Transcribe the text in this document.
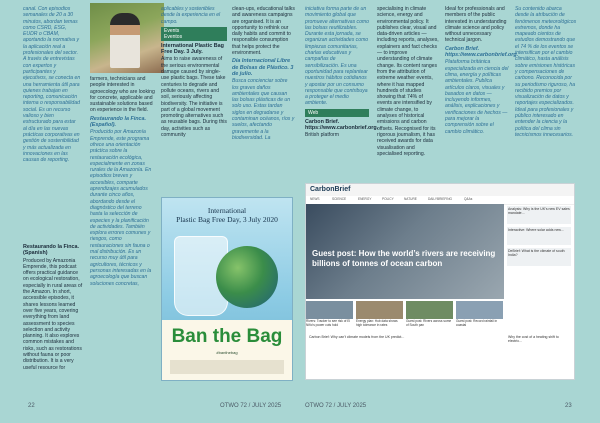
canal. Con episodios semanales de 20 a 30 minutos, abordan temas como CSRD, ESG, EUDR o CBAM, aportando la normativa y la aplicación real a profesionales del sector. A través de entrevistas con expertos y participantes y ejecutivos, se conecta en una herramienta útil para quienes trabajan en reporting, comunicación interna o responsabilidad social. Es un recurso valioso y bien estructurado para estar al día en las nuevas prácticas corporativas en gestión de sostenibilidad y más actualizada en innovaciones en las causas de reporting.

Restaurando la Finca. (Spanish)

Produced by Amazonia Emprende, this podcast offers practical guidance on ecological restoration, especially in rural areas of the Amazon. In short, accessible episodes, it shares lessons learned over five years, covering everything from land assessment to species selection and activity planning. It also explores common mistakes and risks, such as restorations without fauna or poor distribution. It is a very useful resource for

farmers, technicians and people interested in agroecology who are looking for concrete, applicable and sustainable solutions based on experience in the field.

Restaurando la Finca. (Español).

Producido por Amazonía Emprende, este programa ofrece una orientación práctica sobre la restauración ecológica, especialmente en zonas rurales de la Amazonía. En episodios breves y accesibles, comparte aprendizajes acumulados durante cinco años, abordando desde el diagnóstico del terreno hasta la selección de especies y la planificación de actividades. También explora errores comunes y riesgos, como restauraciones sin fauna o mal distribución. Es un recurso muy útil para agricultores, técnicos y personas interesadas en la agroecología que buscan soluciones concretas,

aplicables y sostenibles desde la experiencia en el campo.

Events
Eventos
International Plastic Bag Free Day. 3 July.

Aims to raise awareness of the serious environmental damage caused by single-use plastic bags. These take centuries to degrade and pollute oceans, rivers and soil, seriously affecting biodiversity. The initiative is part of a global movement promoting alternatives such as reusable bags. During this day, activities such as community

clean-ups, educational talks and awareness campaigns are organised. It is an opportunity to rethink our daily habits and commit to responsible consumption that helps protect the environment.

Día Internacional Libre de Bolsas de Plástico. 3 de julio.

Busca concienciar sobre los graves daños ambientales que causan las bolsas plásticas de un solo uso. Estas tardan siglos en degradarse y contaminan océanos, ríos y suelos, afectando gravemente a la biodiversidad. La

International
Plastic Bag Free Day, 3 July 2020
Ban the Bag
#banthebag
22	OTWO 72 / JULY 2025

iniciativa forma parte de un movimiento global que promueve alternativas como las bolsas reutilizables. Durante esta jornada, se organizan actividades como limpiezas comunitarias, charlas educativas y campañas de sensibilización. Es una oportunidad para replantear nuestros hábitos cotidianos y apostar por un consumo responsable que contribuya a proteger el medio ambiente.

Web
Carbon Brief. https://www.carbonbrief.org.

British platform

specialising in climate science, energy and environmental policy. It publishes clear, visual and data-driven articles — including reports, analyses, explainers and fact checks — to improve understanding of climate change. Its content ranges from the attribution of extreme weather events, where it has mapped hundreds of studies showing that 74% of events are intensified by climate change, to analyses of historical emissions and carbon offsets. Recognised for its rigorous journalism, it has received awards for data visualisation and specialised reporting.

Ideal for professionals and members of the public interested in understanding climate science and policy without unnecessary technical jargon.

Carbon Brief. https://www.carbonbrief.org.

Plataforma británica especializada en ciencia del clima, energía y políticas ambientales. Publica artículos claros, visuales y basados en datos — incluyendo informes, análisis, explicaciones y verificaciones de hechos — para mejorar la comprensión sobre el cambio climático.

Su contenido abarca desde la atribución de fenómenos meteorológicos extremos, donde ha mapeado cientos de estudios demostrando que el 74 % de los eventos se intensifican por el cambio climático, hasta análisis sobre emisiones históricas y compensaciones de carbono. Reconocida por su periodismo riguroso, ha recibido premios por visualización de datos y reportajes especializados. Ideal para profesionales y público interesado en entender la ciencia y la política del clima sin tecnicismos innecesarios.

CarbonBrief
NEWS	SCIENCE	ENERGY	POLICY	NATURE	DAILYBRIEFING	Q&As
Guest post: How the world’s rivers are receiving billions of tonnes of ocean carbon
Analysis: Why is the UK's new EV sales mandate...
Interactive: Where solar adds new...
DeBrief: What is the climate of south India?
Rivers: Tracker to see risk of El Niño’s power cuts hold
Energy plan: Hub data shows high tolerance in rates
Guest post: Rivers across some of South pan
Guest post: Record rainfall in coastal
Carbon Brief: Why can’t climate models from the UK predict...	Why the cost of a heating shift to electric...
OTWO 72 / JULY 2025	23
